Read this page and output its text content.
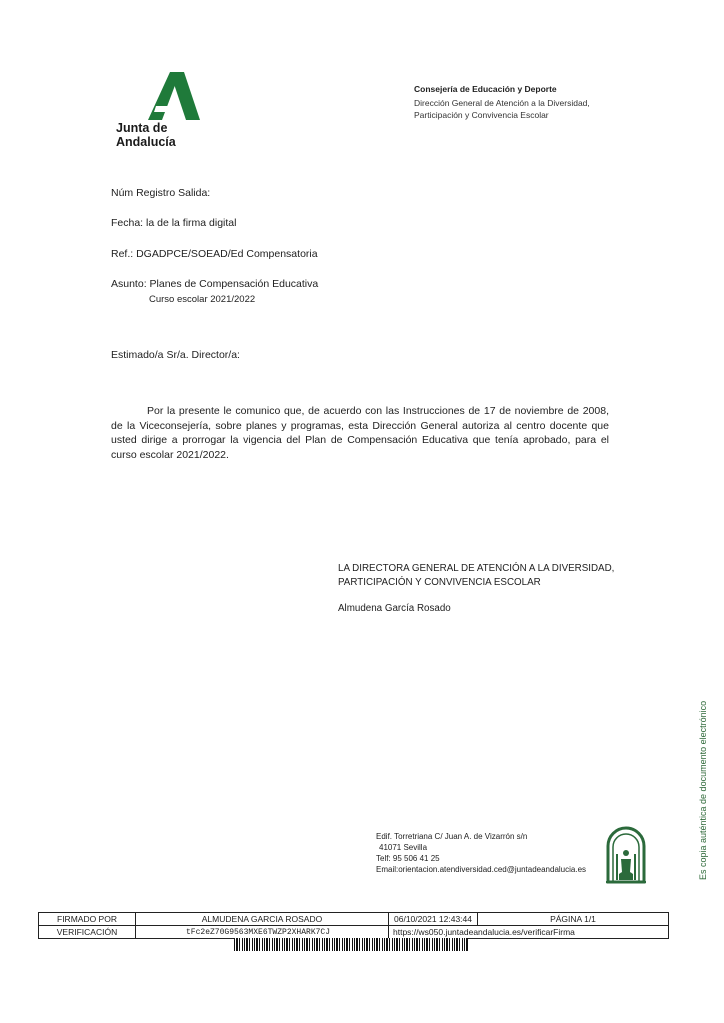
Junta de Andalucía
Consejería de Educación y Deporte
Dirección General de Atención a la Diversidad,
Participación y Convivencia Escolar
Núm Registro Salida:
Fecha: la de la firma digital
Ref.: DGADPCE/SOEAD/Ed Compensatoria
Asunto: Planes de Compensación Educativa
Curso escolar 2021/2022
Estimado/a Sr/a. Director/a:
Por la presente le comunico que, de acuerdo con las Instrucciones de 17 de noviembre de 2008, de la Viceconsejería, sobre planes y programas, esta Dirección General autoriza al centro docente que usted dirige a prorrogar la vigencia del Plan de Compensación Educativa que tenía aprobado, para el curso escolar 2021/2022.
LA DIRECTORA GENERAL DE ATENCIÓN A LA DIVERSIDAD,
PARTICIPACIÓN Y CONVIVENCIA ESCOLAR
Almudena García Rosado
Edif. Torretriana C/ Juan A. de Vizarrón s/n
41071 Sevilla
Telf: 95 506 41 25
Email:orientacion.atendiversidad.ced@juntadeandalucia.es	Es copia auténtica de documento electrónico
FIRMADO POR	ALMUDENA GARCIA ROSADO	06/10/2021 12:43:44	PÁGINA 1/1
VERIFICACIÓN	tFc2eZ70G9563MXE6TWZP2XHARK7CJ	https://ws050.juntadeandalucia.es/verificarFirma	
